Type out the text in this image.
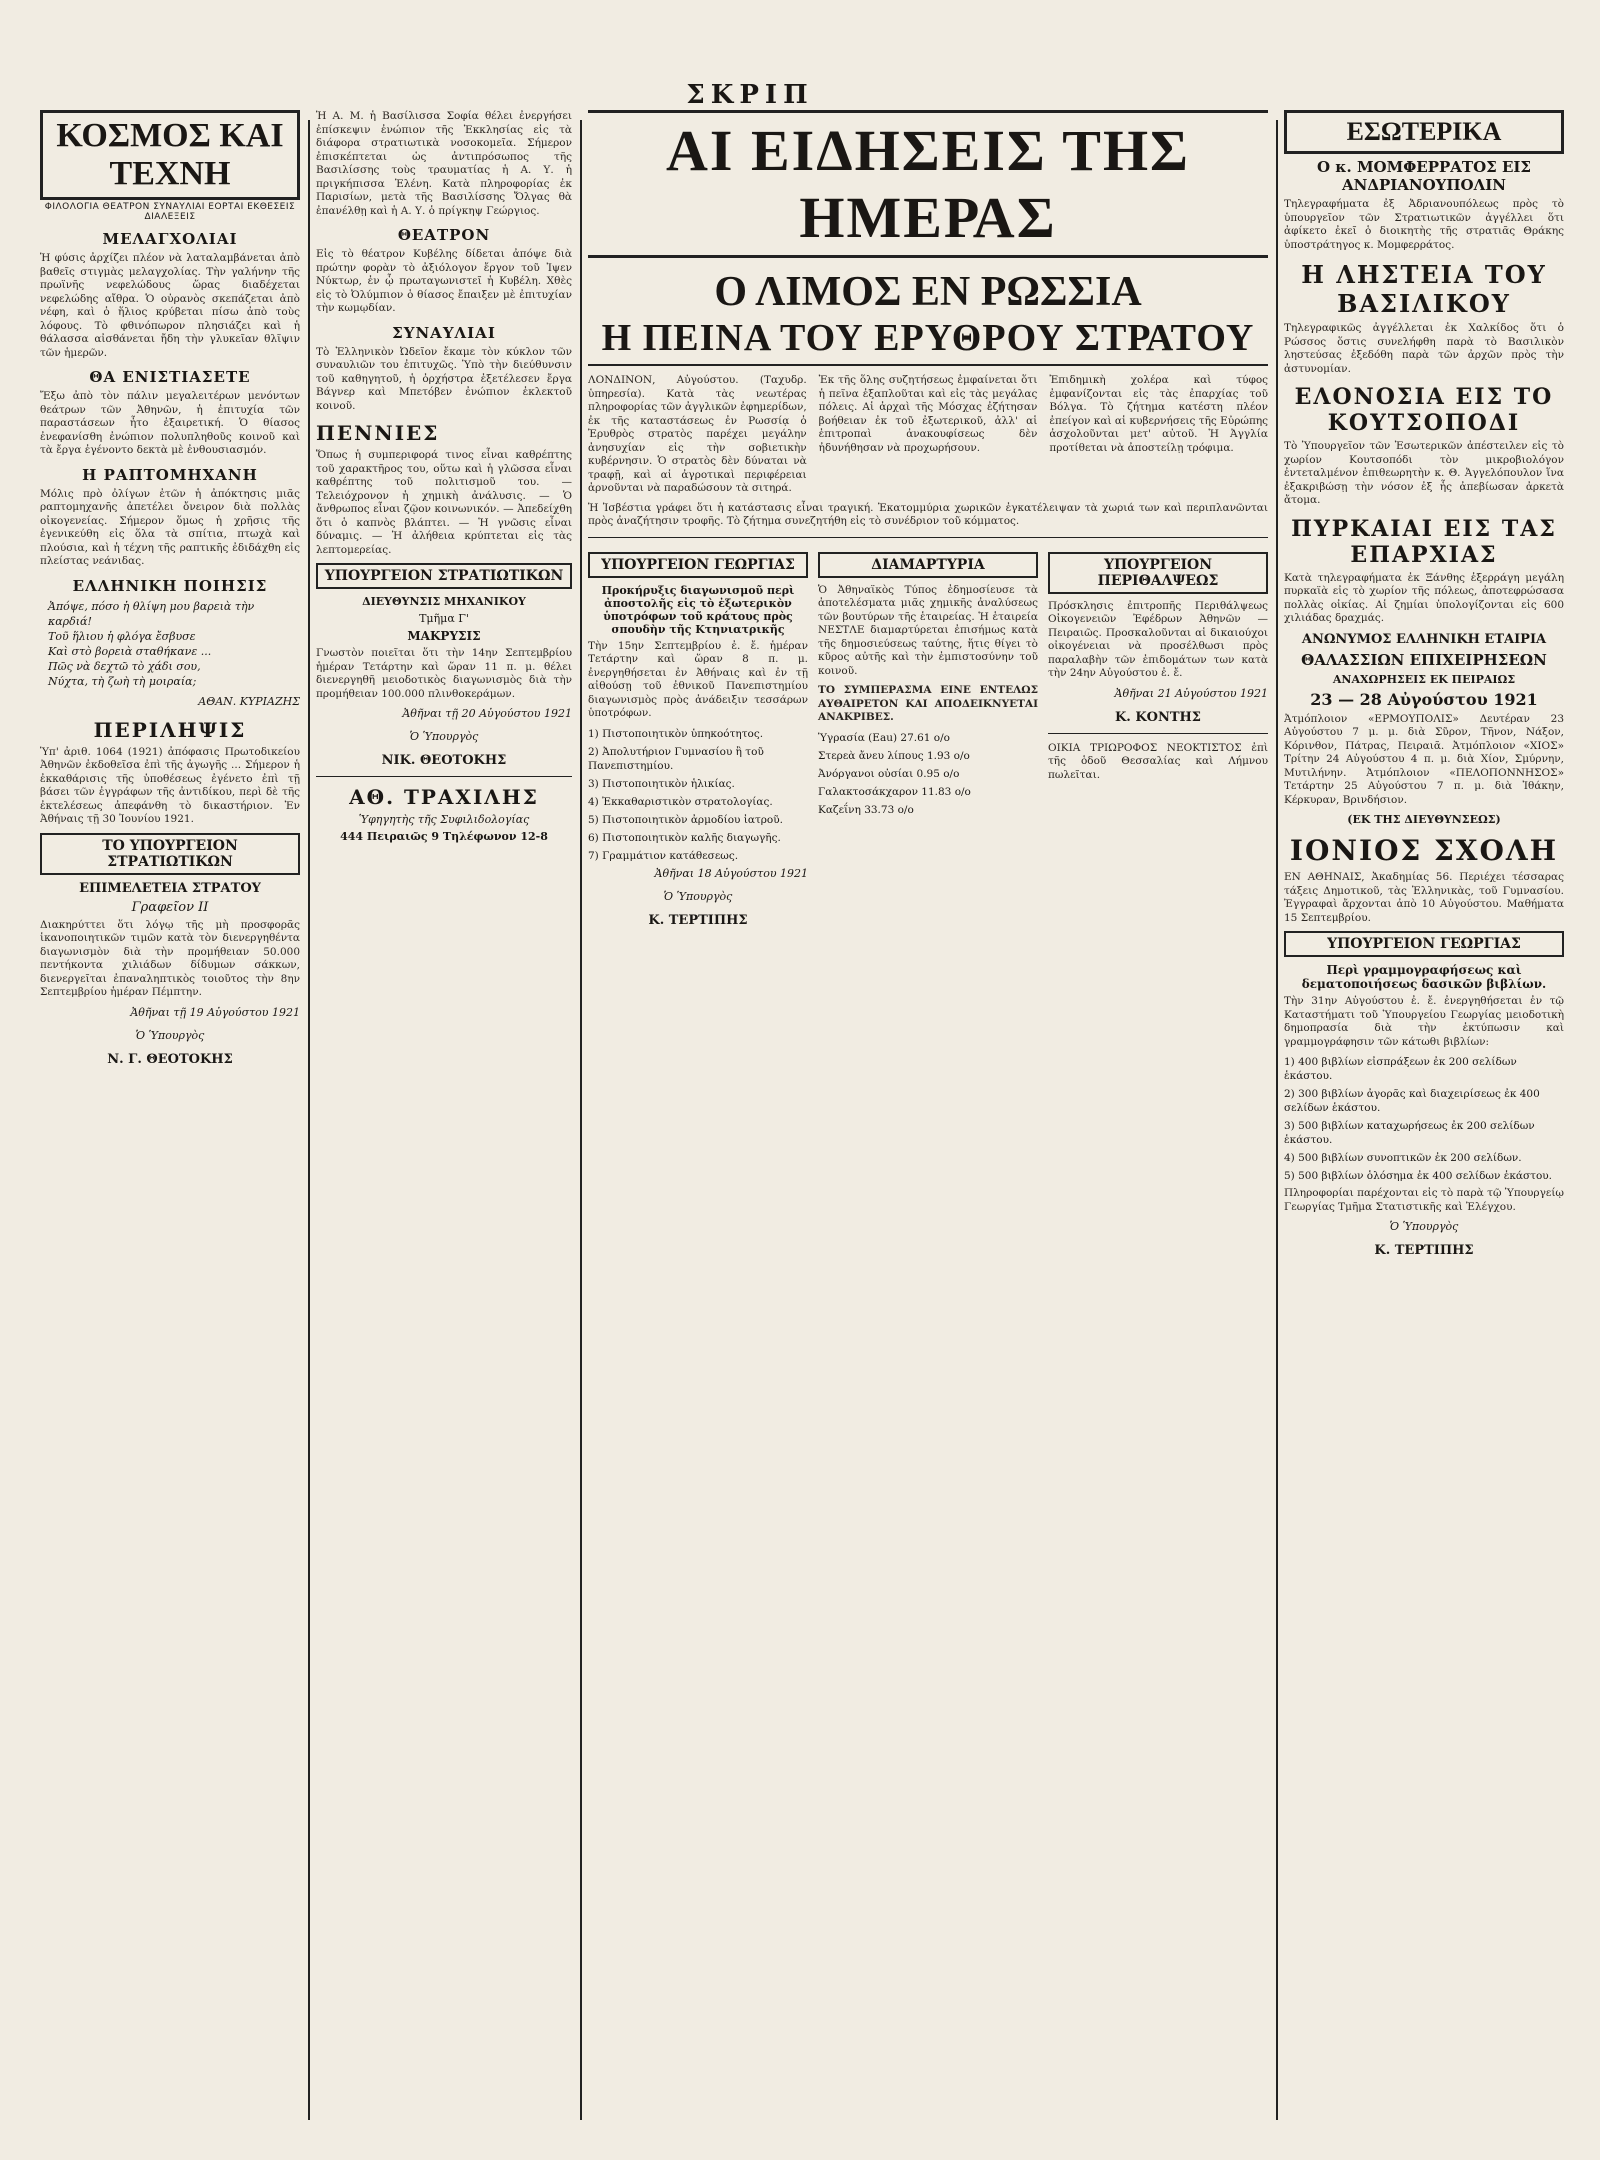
ΣΚΡΙΠ
ΚΟΣΜΟΣ ΚΑΙ ΤΕΧΝΗ
ΦΙΛΟΛΟΓΙΑ ΘΕΑΤΡΟΝ ΣΥΝΑΥΛΙΑΙ ΕΟΡΤΑΙ ΕΚΘΕΣΕΙΣ ΔΙΑΛΕΞΕΙΣ
ΜΕΛΑΓΧΟΛΙΑΙ

Ἡ φύσις ἀρχίζει πλέον νὰ λαταλαμβάνεται ἀπὸ βαθεῖς στιγμὰς μελαγχολίας. Τὴν γαλήνην τῆς πρωϊνῆς νεφελώδους ὥρας διαδέχεται νεφελώδης αἴθρα. Ὁ οὐρανὸς σκεπάζεται ἀπὸ νέφη, καὶ ὁ ἥλιος κρύβεται πίσω ἀπὸ τοὺς λόφους. Τὸ φθινόπωρον πλησιάζει καὶ ἡ θάλασσα αἰσθάνεται ἤδη τὴν γλυκεῖαν θλῖψιν τῶν ἡμερῶν.

ΘΑ ΕΝΙΣΤΙΑΣΕΤΕ

Ἔξω ἀπὸ τὸν πάλιν μεγαλειτέρων μενόντων θεάτρων τῶν Ἀθηνῶν, ἡ ἐπιτυχία τῶν παραστάσεων ἦτο ἐξαιρετική. Ὁ θίασος ἐνεφανίσθη ἐνώπιον πολυπληθοῦς κοινοῦ καὶ τὰ ἔργα ἐγένοντο δεκτὰ μὲ ἐνθουσιασμόν.

Η ΡΑΠΤΟΜΗΧΑΝΗ

Μόλις πρὸ ὀλίγων ἐτῶν ἡ ἀπόκτησις μιᾶς ραπτομηχανῆς ἀπετέλει ὄνειρον διὰ πολλὰς οἰκογενείας. Σήμερον ὅμως ἡ χρῆσις τῆς ἐγενικεύθη εἰς ὅλα τὰ σπίτια, πτωχὰ καὶ πλούσια, καὶ ἡ τέχνη τῆς ραπτικῆς ἐδιδάχθη εἰς πλείστας νεάνιδας.

ΕΛΛΗΝΙΚΗ ΠΟΙΗΣΙΣ

Ἀπόψε, πόσο ἡ θλίψη μου βαρειὰ τὴν καρδιά!
Τοῦ ἥλιου ἡ φλόγα ἔσβυσε
Καὶ στὸ βορειὰ σταθήκανε ...
Πῶς νὰ δεχτῶ τὸ χάδι σου,
Νύχτα, τὴ ζωὴ τὴ μοιραία;

ΑΘΑΝ. ΚΥΡΙΑΖΗΣ
ΠΕΡΙΛΗΨΙΣ

Ὑπ' ἀριθ. 1064 (1921) ἀπόφασις Πρωτοδικείου Ἀθηνῶν ἐκδοθεῖσα ἐπὶ τῆς ἀγωγῆς ... Σήμερον ἡ ἐκκαθάρισις τῆς ὑποθέσεως ἐγένετο ἐπὶ τῇ βάσει τῶν ἐγγράφων τῆς ἀντιδίκου, περὶ δὲ τῆς ἐκτελέσεως ἀπεφάνθη τὸ δικαστήριον. Ἐν Ἀθήναις τῇ 30 Ἰουνίου 1921.

ΤΟ ΥΠΟΥΡΓΕΙΟΝ ΣΤΡΑΤΙΩΤΙΚΩΝ
ΕΠΙΜΕΛΕΤΕΙΑ ΣΤΡΑΤΟΥ
Γραφεῖον ΙΙ

Διακηρύττει ὅτι λόγῳ τῆς μὴ προσφορᾶς ἱκανοποιητικῶν τιμῶν κατὰ τὸν διενεργηθέντα διαγωνισμὸν διὰ τὴν προμήθειαν 50.000 πεντήκοντα χιλιάδων δίδυμων σάκκων, διενεργεῖται ἐπαναληπτικὸς τοιοῦτος τὴν 8ην Σεπτεμβρίου ἡμέραν Πέμπτην.

Ἀθῆναι τῇ 19 Αὐγούστου 1921
Ὁ Ὑπουργὸς
Ν. Γ. ΘΕΟΤΟΚΗΣ

Ἡ Α. Μ. ἡ Βασίλισσα Σοφία θέλει ἐνεργήσει ἐπίσκεψιν ἐνώπιον τῆς Ἐκκλησίας εἰς τὰ διάφορα στρατιωτικὰ νοσοκομεῖα. Σήμερον ἐπισκέπτεται ὡς ἀντιπρόσωπος τῆς Βασιλίσσης τοὺς τραυματίας ἡ Α. Υ. ἡ πριγκήπισσα Ἑλένη. Κατὰ πληροφορίας ἐκ Παρισίων, μετὰ τῆς Βασιλίσσης Ὄλγας θὰ ἐπανέλθῃ καὶ ἡ Α. Υ. ὁ πρίγκηψ Γεώργιος.

ΘΕΑΤΡΟΝ

Εἰς τὸ θέατρον Κυβέλης δίδεται ἀπόψε διὰ πρώτην φορὰν τὸ ἀξιόλογον ἔργον τοῦ Ἰψεν Νύκτωρ, ἐν ᾧ πρωταγωνιστεῖ ἡ Κυβέλη. Χθὲς εἰς τὸ Ὀλύμπιον ὁ θίασος ἔπαιξεν μὲ ἐπιτυχίαν τὴν κωμῳδίαν.

ΣΥΝΑΥΛΙΑΙ

Τὸ Ἑλληνικὸν Ὠδεῖον ἔκαμε τὸν κύκλον τῶν συναυλιῶν του ἐπιτυχῶς. Ὑπὸ τὴν διεύθυνσιν τοῦ καθηγητοῦ, ἡ ὀρχήστρα ἐξετέλεσεν ἔργα Βάγνερ καὶ Μπετόβεν ἐνώπιον ἐκλεκτοῦ κοινοῦ.

ΠΕΝΝΙΕΣ

Ὅπως ἡ συμπεριφορά τινος εἶναι καθρέπτης τοῦ χαρακτῆρος του, οὕτω καὶ ἡ γλῶσσα εἶναι καθρέπτης τοῦ πολιτισμοῦ του. — Τελειόχρονον ἡ χημικὴ ἀνάλυσις. — Ὁ ἄνθρωπος εἶναι ζῷον κοινωνικόν. — Ἀπεδείχθη ὅτι ὁ καπνὸς βλάπτει. — Ἡ γνῶσις εἶναι δύναμις. — Ἡ ἀλήθεια κρύπτεται εἰς τὰς λεπτομερείας.

ΥΠΟΥΡΓΕΙΟΝ ΣΤΡΑΤΙΩΤΙΚΩΝ
ΔΙΕΥΘΥΝΣΙΣ ΜΗΧΑΝΙΚΟΥ
Τμῆμα Γ'
ΜΑΚΡΥΣΙΣ

Γνωστὸν ποιεῖται ὅτι τὴν 14ην Σεπτεμβρίου ἡμέραν Τετάρτην καὶ ὥραν 11 π. μ. θέλει διενεργηθῆ μειοδοτικὸς διαγωνισμὸς διὰ τὴν προμήθειαν 100.000 πλινθοκεράμων.

Ἀθῆναι τῇ 20 Αὐγούστου 1921
Ὁ Ὑπουργὸς
ΝΙΚ. ΘΕΟΤΟΚΗΣ
ΑΘ. ΤΡΑΧΙΛΗΣ
Ὑφηγητὴς τῆς Συφιλιδολογίας
444 Πειραιῶς 9 Τηλέφωνον 12-8
ΑΙ ΕΙΔΗΣΕΙΣ ΤΗΣ ΗΜΕΡΑΣ
Ο ΛΙΜΟΣ ΕΝ ΡΩΣΣΙΑ
Η ΠΕΙΝΑ ΤΟΥ ΕΡΥΘΡΟΥ ΣΤΡΑΤΟΥ

ΛΟΝΔΙΝΟΝ, Αὐγούστου. (Ταχυδρ. ὑπηρεσία). Κατὰ τὰς νεωτέρας πληροφορίας τῶν ἀγγλικῶν ἐφημερίδων, ἐκ τῆς καταστάσεως ἐν Ρωσσίᾳ ὁ Ἐρυθρὸς στρατὸς παρέχει μεγάλην ἀνησυχίαν εἰς τὴν σοβιετικὴν κυβέρνησιν. Ὁ στρατὸς δὲν δύναται νὰ τραφῇ, καὶ αἱ ἀγροτικαὶ περιφέρειαι ἀρνοῦνται νὰ παραδώσουν τὰ σιτηρά.

Ἐκ τῆς ὅλης συζητήσεως ἐμφαίνεται ὅτι ἡ πεῖνα ἐξαπλοῦται καὶ εἰς τὰς μεγάλας πόλεις. Αἱ ἀρχαὶ τῆς Μόσχας ἐζήτησαν βοήθειαν ἐκ τοῦ ἐξωτερικοῦ, ἀλλ' αἱ ἐπιτροπαὶ ἀνακουφίσεως δὲν ἠδυνήθησαν νὰ προχωρήσουν.

Ἐπιδημικὴ χολέρα καὶ τύφος ἐμφανίζονται εἰς τὰς ἐπαρχίας τοῦ Βόλγα. Τὸ ζήτημα κατέστη πλέον ἐπείγον καὶ αἱ κυβερνήσεις τῆς Εὐρώπης ἀσχολοῦνται μετ' αὐτοῦ. Ἡ Ἀγγλία προτίθεται νὰ ἀποστείλῃ τρόφιμα.

Ἡ Ἰσβέστια γράφει ὅτι ἡ κατάστασις εἶναι τραγική. Ἑκατομμύρια χωρικῶν ἐγκατέλειψαν τὰ χωριά των καὶ περιπλανῶνται πρὸς ἀναζήτησιν τροφῆς. Τὸ ζήτημα συνεζητήθη εἰς τὸ συνέδριον τοῦ κόμματος.

ΥΠΟΥΡΓΕΙΟΝ ΓΕΩΡΓΙΑΣ
Προκήρυξις διαγωνισμοῦ περὶ ἀποστολῆς εἰς τὸ ἐξωτερικὸν ὑποτρόφων τοῦ κράτους πρὸς σπουδὴν τῆς Κτηνιατρικῆς

Τὴν 15ην Σεπτεμβρίου ἐ. ἔ. ἡμέραν Τετάρτην καὶ ὥραν 8 π. μ. ἐνεργηθήσεται ἐν Ἀθήναις καὶ ἐν τῇ αἰθούσῃ τοῦ ἐθνικοῦ Πανεπιστημίου διαγωνισμὸς πρὸς ἀνάδειξιν τεσσάρων ὑποτρόφων.

1) Πιστοποιητικὸν ὑπηκοότητος.
2) Ἀπολυτήριον Γυμνασίου ἢ τοῦ Πανεπιστημίου.
3) Πιστοποιητικὸν ἡλικίας.
4) Ἐκκαθαριστικὸν στρατολογίας.
5) Πιστοποιητικὸν ἀρμοδίου ἰατροῦ.
6) Πιστοποιητικὸν καλῆς διαγωγῆς.
7) Γραμμάτιον κατάθεσεως.
Ἀθῆναι 18 Αὐγούστου 1921
Ὁ Ὑπουργὸς
Κ. ΤΕΡΤΙΠΗΣ
ΔΙΑΜΑΡΤΥΡΙΑ

Ὁ Ἀθηναϊκὸς Τύπος ἐδημοσίευσε τὰ ἀποτελέσματα μιᾶς χημικῆς ἀναλύσεως τῶν βουτύρων τῆς ἑταιρείας. Ἡ ἑταιρεία ΝΕΣΤΛΕ διαμαρτύρεται ἐπισήμως κατὰ τῆς δημοσιεύσεως ταύτης, ἥτις θίγει τὸ κῦρος αὐτῆς καὶ τὴν ἐμπιστοσύνην τοῦ κοινοῦ.

ΤΟ ΣΥΜΠΕΡΑΣΜΑ ΕΙΝΕ ΕΝΤΕΛΩΣ ΑΥΘΑΙΡΕΤΟΝ ΚΑΙ ΑΠΟΔΕΙΚΝΥΕΤΑΙ ΑΝΑΚΡΙΒΕΣ.

Ὑγρασία (Eau) 27.61 ο/ο
Στερεὰ ἄνευ λίπους 1.93 ο/ο
Ἀνόργανοι οὐσίαι 0.95 ο/ο
Γαλακτοσάκχαρον 11.83 ο/ο
Καζεΐνη 33.73 ο/ο
ΥΠΟΥΡΓΕΙΟΝ ΠΕΡΙΘΑΛΨΕΩΣ

Πρόσκλησις ἐπιτροπῆς Περιθάλψεως Οἰκογενειῶν Ἐφέδρων Ἀθηνῶν — Πειραιῶς. Προσκαλοῦνται αἱ δικαιούχοι οἰκογένειαι νὰ προσέλθωσι πρὸς παραλαβὴν τῶν ἐπιδομάτων των κατὰ τὴν 24ην Αὐγούστου ἐ. ἔ.

Ἀθῆναι 21 Αὐγούστου 1921
Κ. ΚΟΝΤΗΣ

ΟΙΚΙΑ ΤΡΙΩΡΟΦΟΣ ΝΕΟΚΤΙΣΤΟΣ ἐπὶ τῆς ὁδοῦ Θεσσαλίας καὶ Λήμνου πωλεῖται.

ΕΣΩΤΕΡΙΚΑ
Ο κ. ΜΟΜΦΕΡΡΑΤΟΣ ΕΙΣ ΑΝΔΡΙΑΝΟΥΠΟΛΙΝ

Τηλεγραφήματα ἐξ Ἀδριανουπόλεως πρὸς τὸ ὑπουργεῖον τῶν Στρατιωτικῶν ἀγγέλλει ὅτι ἀφίκετο ἐκεῖ ὁ διοικητὴς τῆς στρατιᾶς Θράκης ὑποστράτηγος κ. Μομφερράτος.

Η ΛΗΣΤΕΙΑ ΤΟΥ ΒΑΣΙΛΙΚΟΥ

Τηλεγραφικῶς ἀγγέλλεται ἐκ Χαλκίδος ὅτι ὁ Ρώσσος ὅστις συνελήφθη παρὰ τὸ Βασιλικὸν ληστεύσας ἐξεδόθη παρὰ τῶν ἀρχῶν πρὸς τὴν ἀστυνομίαν.

ΕΛΟΝΟΣΙΑ ΕΙΣ ΤΟ ΚΟΥΤΣΟΠΟΔΙ

Τὸ Ὑπουργεῖον τῶν Ἐσωτερικῶν ἀπέστειλεν εἰς τὸ χωρίον Κουτσοπόδι τὸν μικροβιολόγον ἐντεταλμένον ἐπιθεωρητὴν κ. Θ. Ἀγγελόπουλον ἵνα ἐξακριβώσῃ τὴν νόσον ἐξ ἧς ἀπεβίωσαν ἀρκετὰ ἄτομα.

ΠΥΡΚΑΙΑΙ ΕΙΣ ΤΑΣ ΕΠΑΡΧΙΑΣ

Κατὰ τηλεγραφήματα ἐκ Ξάνθης ἐξερράγη μεγάλη πυρκαϊὰ εἰς τὸ χωρίον τῆς πόλεως, ἀποτεφρώσασα πολλὰς οἰκίας. Αἱ ζημίαι ὑπολογίζονται εἰς 600 χιλιάδας δραχμάς.

ΑΝΩΝΥΜΟΣ ΕΛΛΗΝΙΚΗ ΕΤΑΙΡΙΑ
ΘΑΛΑΣΣΙΩΝ ΕΠΙΧΕΙΡΗΣΕΩΝ
ΑΝΑΧΩΡΗΣΕΙΣ ΕΚ ΠΕΙΡΑΙΩΣ
23 — 28 Αὐγούστου 1921

Ἀτμόπλοιον «ΕΡΜΟΥΠΟΛΙΣ» Δευτέραν 23 Αὐγούστου 7 μ. μ. διὰ Σῦρον, Τῆνον, Νάξον, Κόρινθον, Πάτρας, Πειραιᾶ. Ἀτμόπλοιον «ΧΙΟΣ» Τρίτην 24 Αὐγούστου 4 π. μ. διὰ Χίον, Σμύρνην, Μυτιλήνην. Ἀτμόπλοιον «ΠΕΛΟΠΟΝΝΗΣΟΣ» Τετάρτην 25 Αὐγούστου 7 π. μ. διὰ Ἰθάκην, Κέρκυραν, Βρινδήσιον.

(ΕΚ ΤΗΣ ΔΙΕΥΘΥΝΣΕΩΣ)
ΙΟΝΙΟΣ ΣΧΟΛΗ

ΕΝ ΑΘΗΝΑΙΣ, Ἀκαδημίας 56. Περιέχει τέσσαρας τάξεις Δημοτικοῦ, τὰς Ἑλληνικὰς, τοῦ Γυμνασίου. Ἐγγραφαὶ ἄρχονται ἀπὸ 10 Αὐγούστου. Μαθήματα 15 Σεπτεμβρίου.

ΥΠΟΥΡΓΕΙΟΝ ΓΕΩΡΓΙΑΣ
Περὶ γραμμογραφήσεως καὶ δεματοποιήσεως δασικῶν βιβλίων.

Τὴν 31ην Αὐγούστου ἐ. ἔ. ἐνεργηθήσεται ἐν τῷ Καταστήματι τοῦ Ὑπουργείου Γεωργίας μειοδοτικὴ δημοπρασία διὰ τὴν ἐκτύπωσιν καὶ γραμμογράφησιν τῶν κάτωθι βιβλίων:

1) 400 βιβλίων εἰσπράξεων ἐκ 200 σελίδων ἑκάστου.
2) 300 βιβλίων ἀγορᾶς καὶ διαχειρίσεως ἐκ 400 σελίδων ἑκάστου.
3) 500 βιβλίων καταχωρήσεως ἐκ 200 σελίδων ἑκάστου.
4) 500 βιβλίων συνοπτικῶν ἐκ 200 σελίδων.
5) 500 βιβλίων ὁλόσημα ἐκ 400 σελίδων ἑκάστου.

Πληροφορίαι παρέχονται εἰς τὸ παρὰ τῷ Ὑπουργείῳ Γεωργίας Τμῆμα Στατιστικῆς καὶ Ἐλέγχου.

Ὁ Ὑπουργὸς
Κ. ΤΕΡΤΙΠΗΣ
